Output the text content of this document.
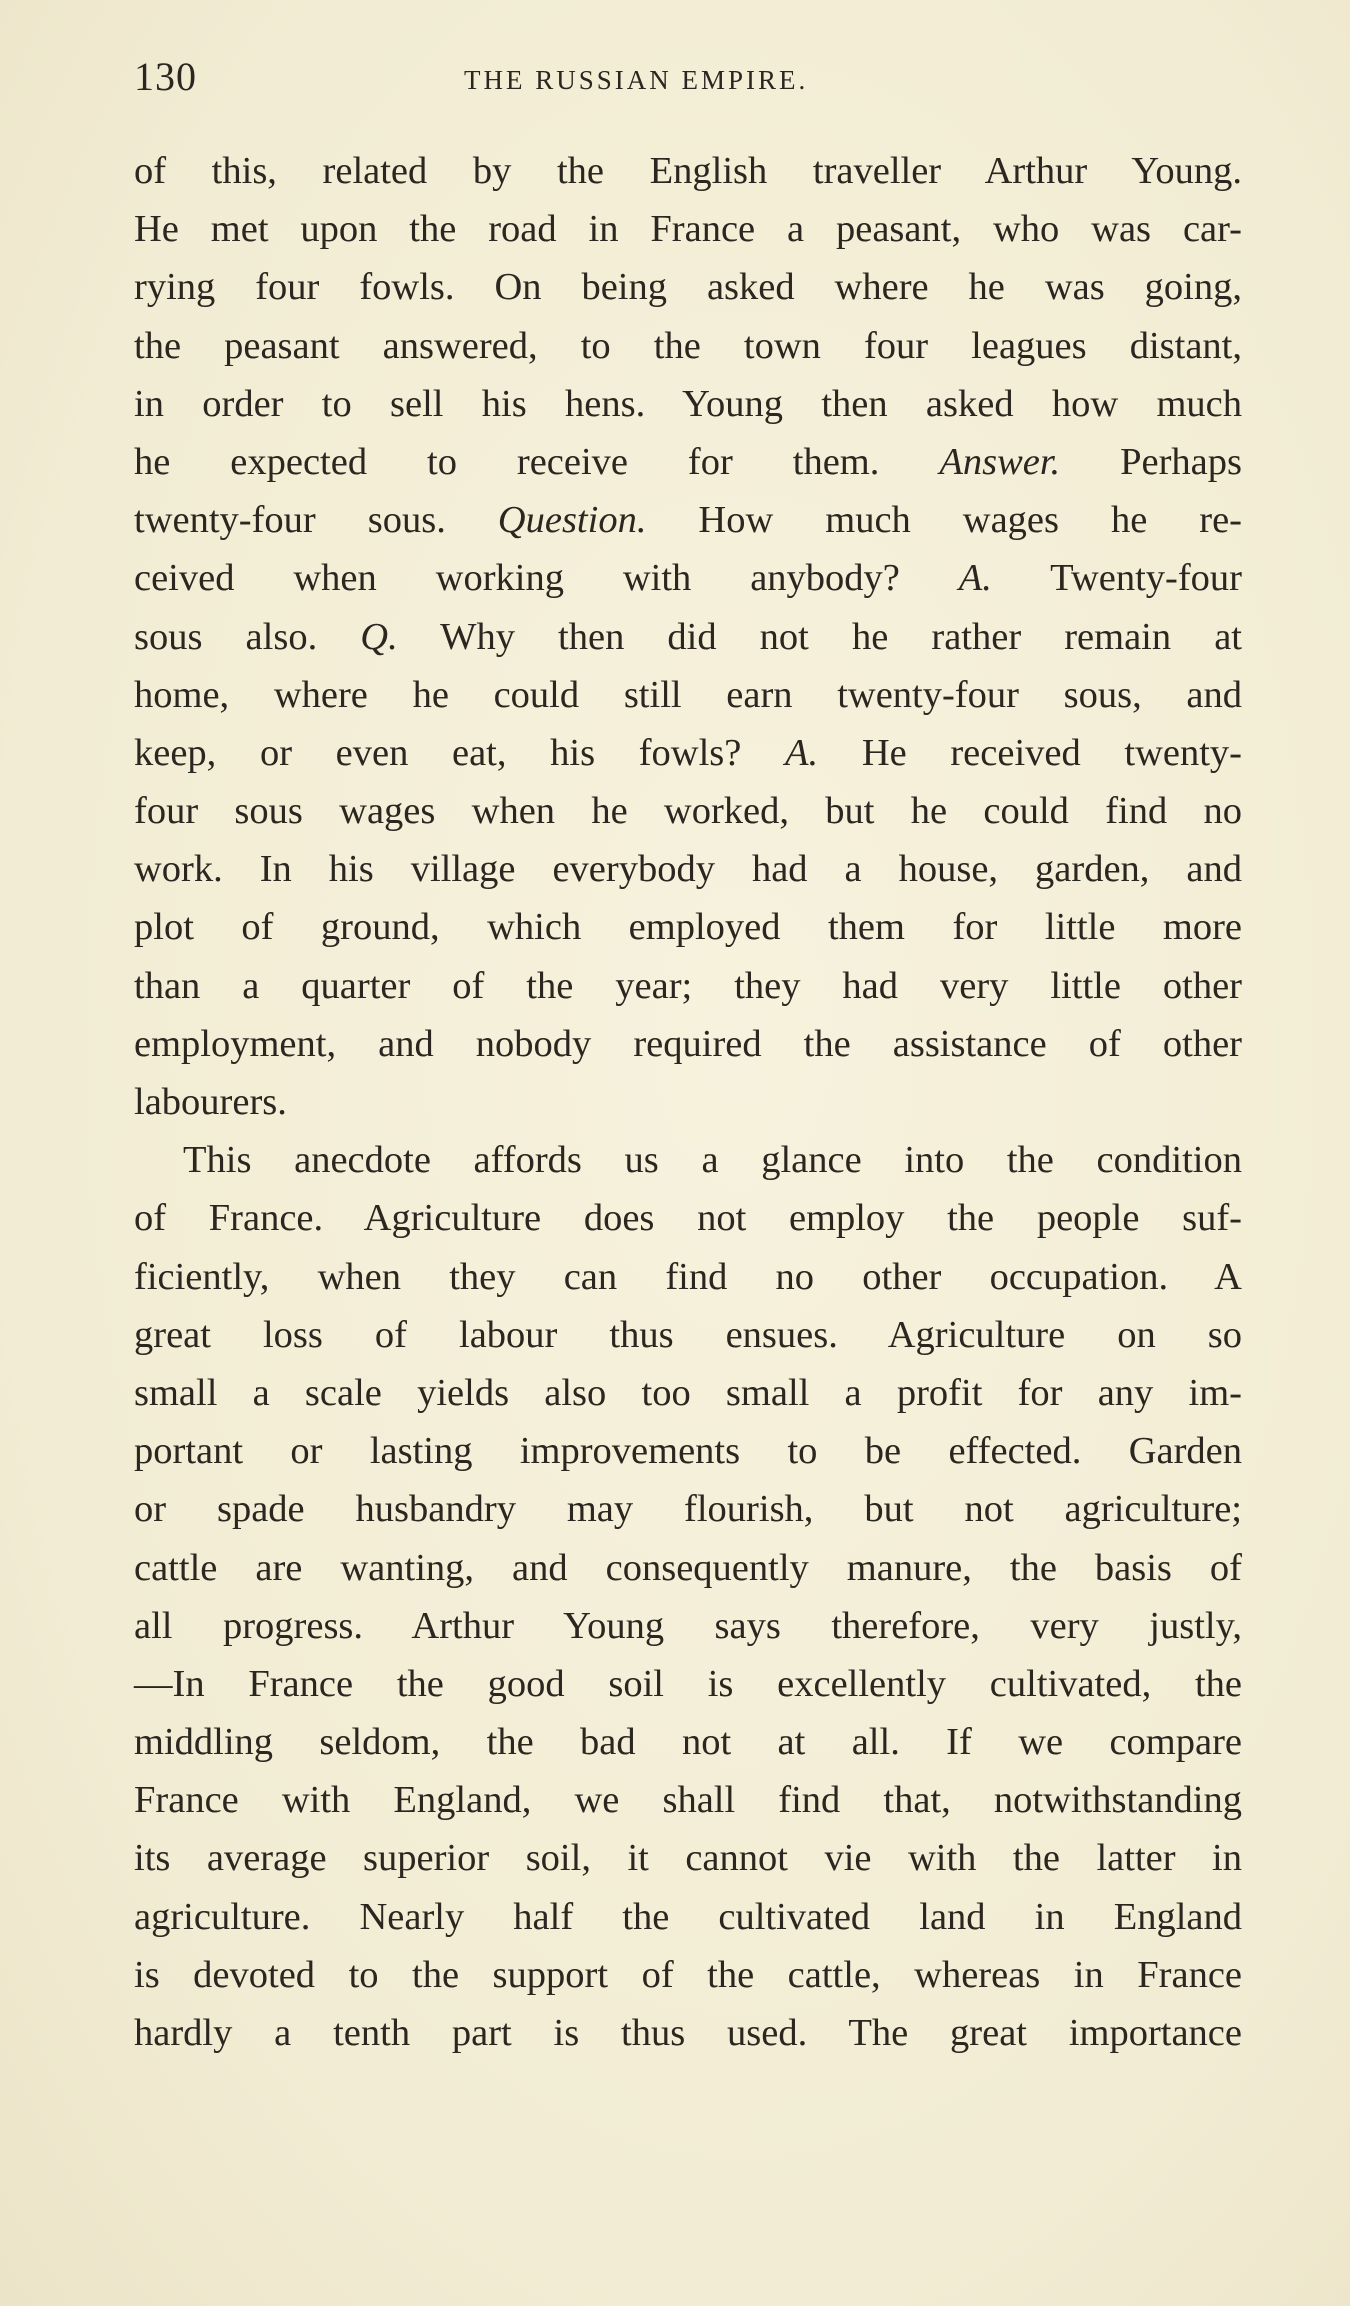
130	THE RUSSIAN EMPIRE.
of this, related by the English traveller Arthur Young.
He met upon the road in France a peasant, who was car-
rying four fowls. On being asked where he was going,
the peasant answered, to the town four leagues distant,
in order to sell his hens. Young then asked how much
he expected to receive for them. Answer. Perhaps
twenty-four sous. Question. How much wages he re-
ceived when working with anybody? A. Twenty-four
sous also. Q. Why then did not he rather remain at
home, where he could still earn twenty-four sous, and
keep, or even eat, his fowls? A. He received twenty-
four sous wages when he worked, but he could find no
work. In his village everybody had a house, garden, and
plot of ground, which employed them for little more
than a quarter of the year; they had very little other
employment, and nobody required the assistance of other
labourers.
This anecdote affords us a glance into the condition
of France. Agriculture does not employ the people suf-
ficiently, when they can find no other occupation. A
great loss of labour thus ensues. Agriculture on so
small a scale yields also too small a profit for any im-
portant or lasting improvements to be effected. Garden
or spade husbandry may flourish, but not agriculture;
cattle are wanting, and consequently manure, the basis of
all progress. Arthur Young says therefore, very justly,
—In France the good soil is excellently cultivated, the
middling seldom, the bad not at all. If we compare
France with England, we shall find that, notwithstanding
its average superior soil, it cannot vie with the latter in
agriculture. Nearly half the cultivated land in England
is devoted to the support of the cattle, whereas in France
hardly a tenth part is thus used. The great importance
